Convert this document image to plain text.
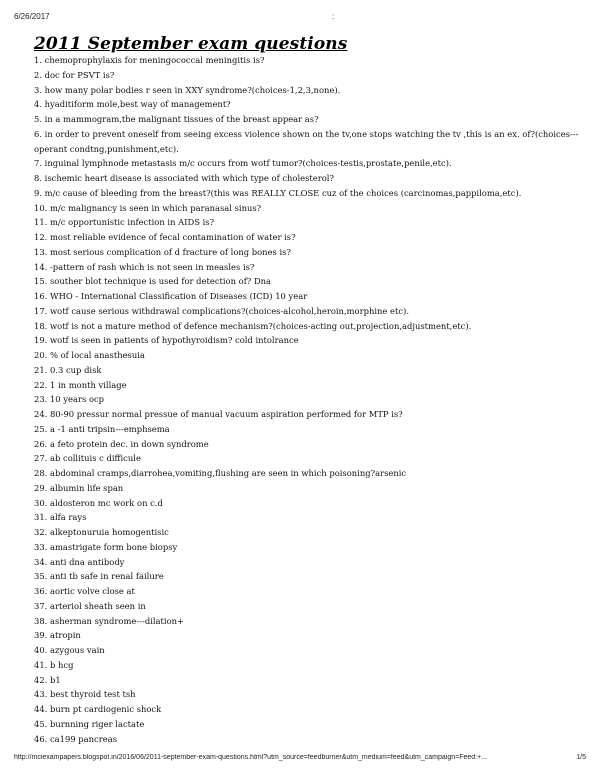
6/26/2017	:
2011 September exam questions
1. chemoprophylaxis for meningococcal meningitis is?
2. doc for PSVT is?
3. how many polar bodies r seen in XXY syndrome?(choices-1,2,3,none).
4. hyaditiform mole,best way of management?
5. in a mammogram,the malignant tissues of the breast appear as?
6. in order to prevent oneself from seeing excess violence shown on the tv,one stops watching the tv ,this is an ex. of?(choices---operant condtng,punishment,etc).
7. inguinal lymphnode metastasis m/c occurs from wotf tumor?(choices-testis,prostate,penile,etc).
8. ischemic heart disease is associated with which type of cholesterol?
9. m/c cause of bleeding from the breast?(this was REALLY CLOSE cuz of the choices (carcinomas,pappiloma,etc).
10. m/c malignancy is seen in which paranasal sinus?
11. m/c opportunistic infection in AIDS is?
12. most reliable evidence of fecal contamination of water is?
13. most serious complication of d fracture of long bones is?
14. -pattern of rash which is not seen in measles is?
15. souther blot technique is used for detection of? Dna
16. WHO - International Classification of Diseases (ICD) 10 year
17. wotf cause serious withdrawal complications?(choices-alcohol,heroin,morphine etc).
18. wotf is not a mature method of defence mechanism?(choices-acting out,projection,adjustment,etc).
19. wotf is seen in patients of hypothyroidism? cold intolrance
20. % of local anasthesuia
21. 0.3 cup disk
22. 1 in month village
23. 10 years ocp
24. 80-90 pressur normal pressue of manual vacuum aspiration performed for MTP is?
25. a -1 anti tripsin---emphsema
26. a feto protein dec. in down syndrome
27. ab collituis c difficule
28. abdominal cramps,diarrohea,vomiting,flushing are seen in which poisoning?arsenic
29. albumin life span
30. aldosteron mc work on c.d
31. alfa rays
32. alkeptonuruia homogentisic
33. amastrigate form bone biopsy
34. anti dna antibody
35. anti tb safe in renal failure
36. aortic volve close at
37. arteriol sheath seen in
38. asherman syndrome---dilation+
39. atropin
40. azygous vain
41. b hcg
42. b1
43. best thyroid test tsh
44. burn pt cardiogenic shock
45. burnning riger lactate
46. ca199 pancreas
http://mciexampapers.blogspot.in/2016/06/2011-september-exam-questions.html?utm_source=feedburner&utm_medium=feed&utm_campaign=Feed:+...	1/5
